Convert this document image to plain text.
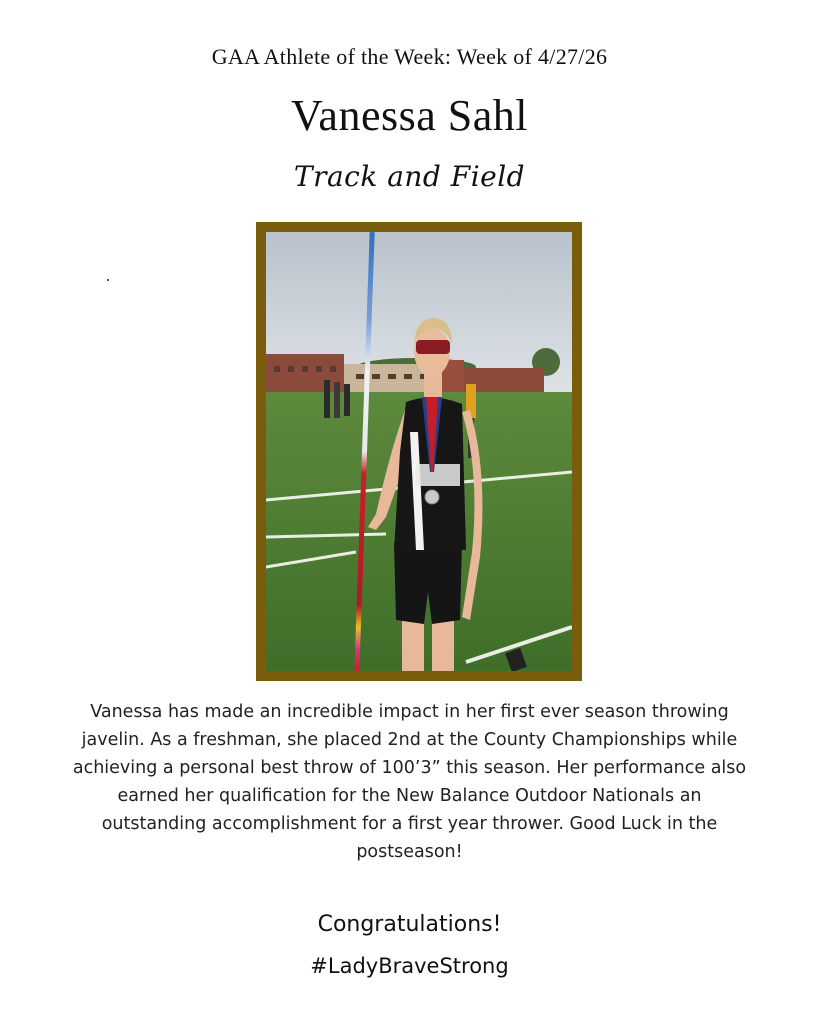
GAA Athlete of the Week: Week of 4/27/26
Vanessa Sahl
Track and Field
Vanessa has made an incredible impact in her first ever season throwing javelin. As a freshman, she placed 2nd at the County Championships while achieving a personal best throw of 100’3” this season. Her performance also earned her qualification for the New Balance Outdoor Nationals an outstanding accomplishment for a first year thrower. Good Luck in the postseason!
Congratulations!
#LadyBraveStrong
